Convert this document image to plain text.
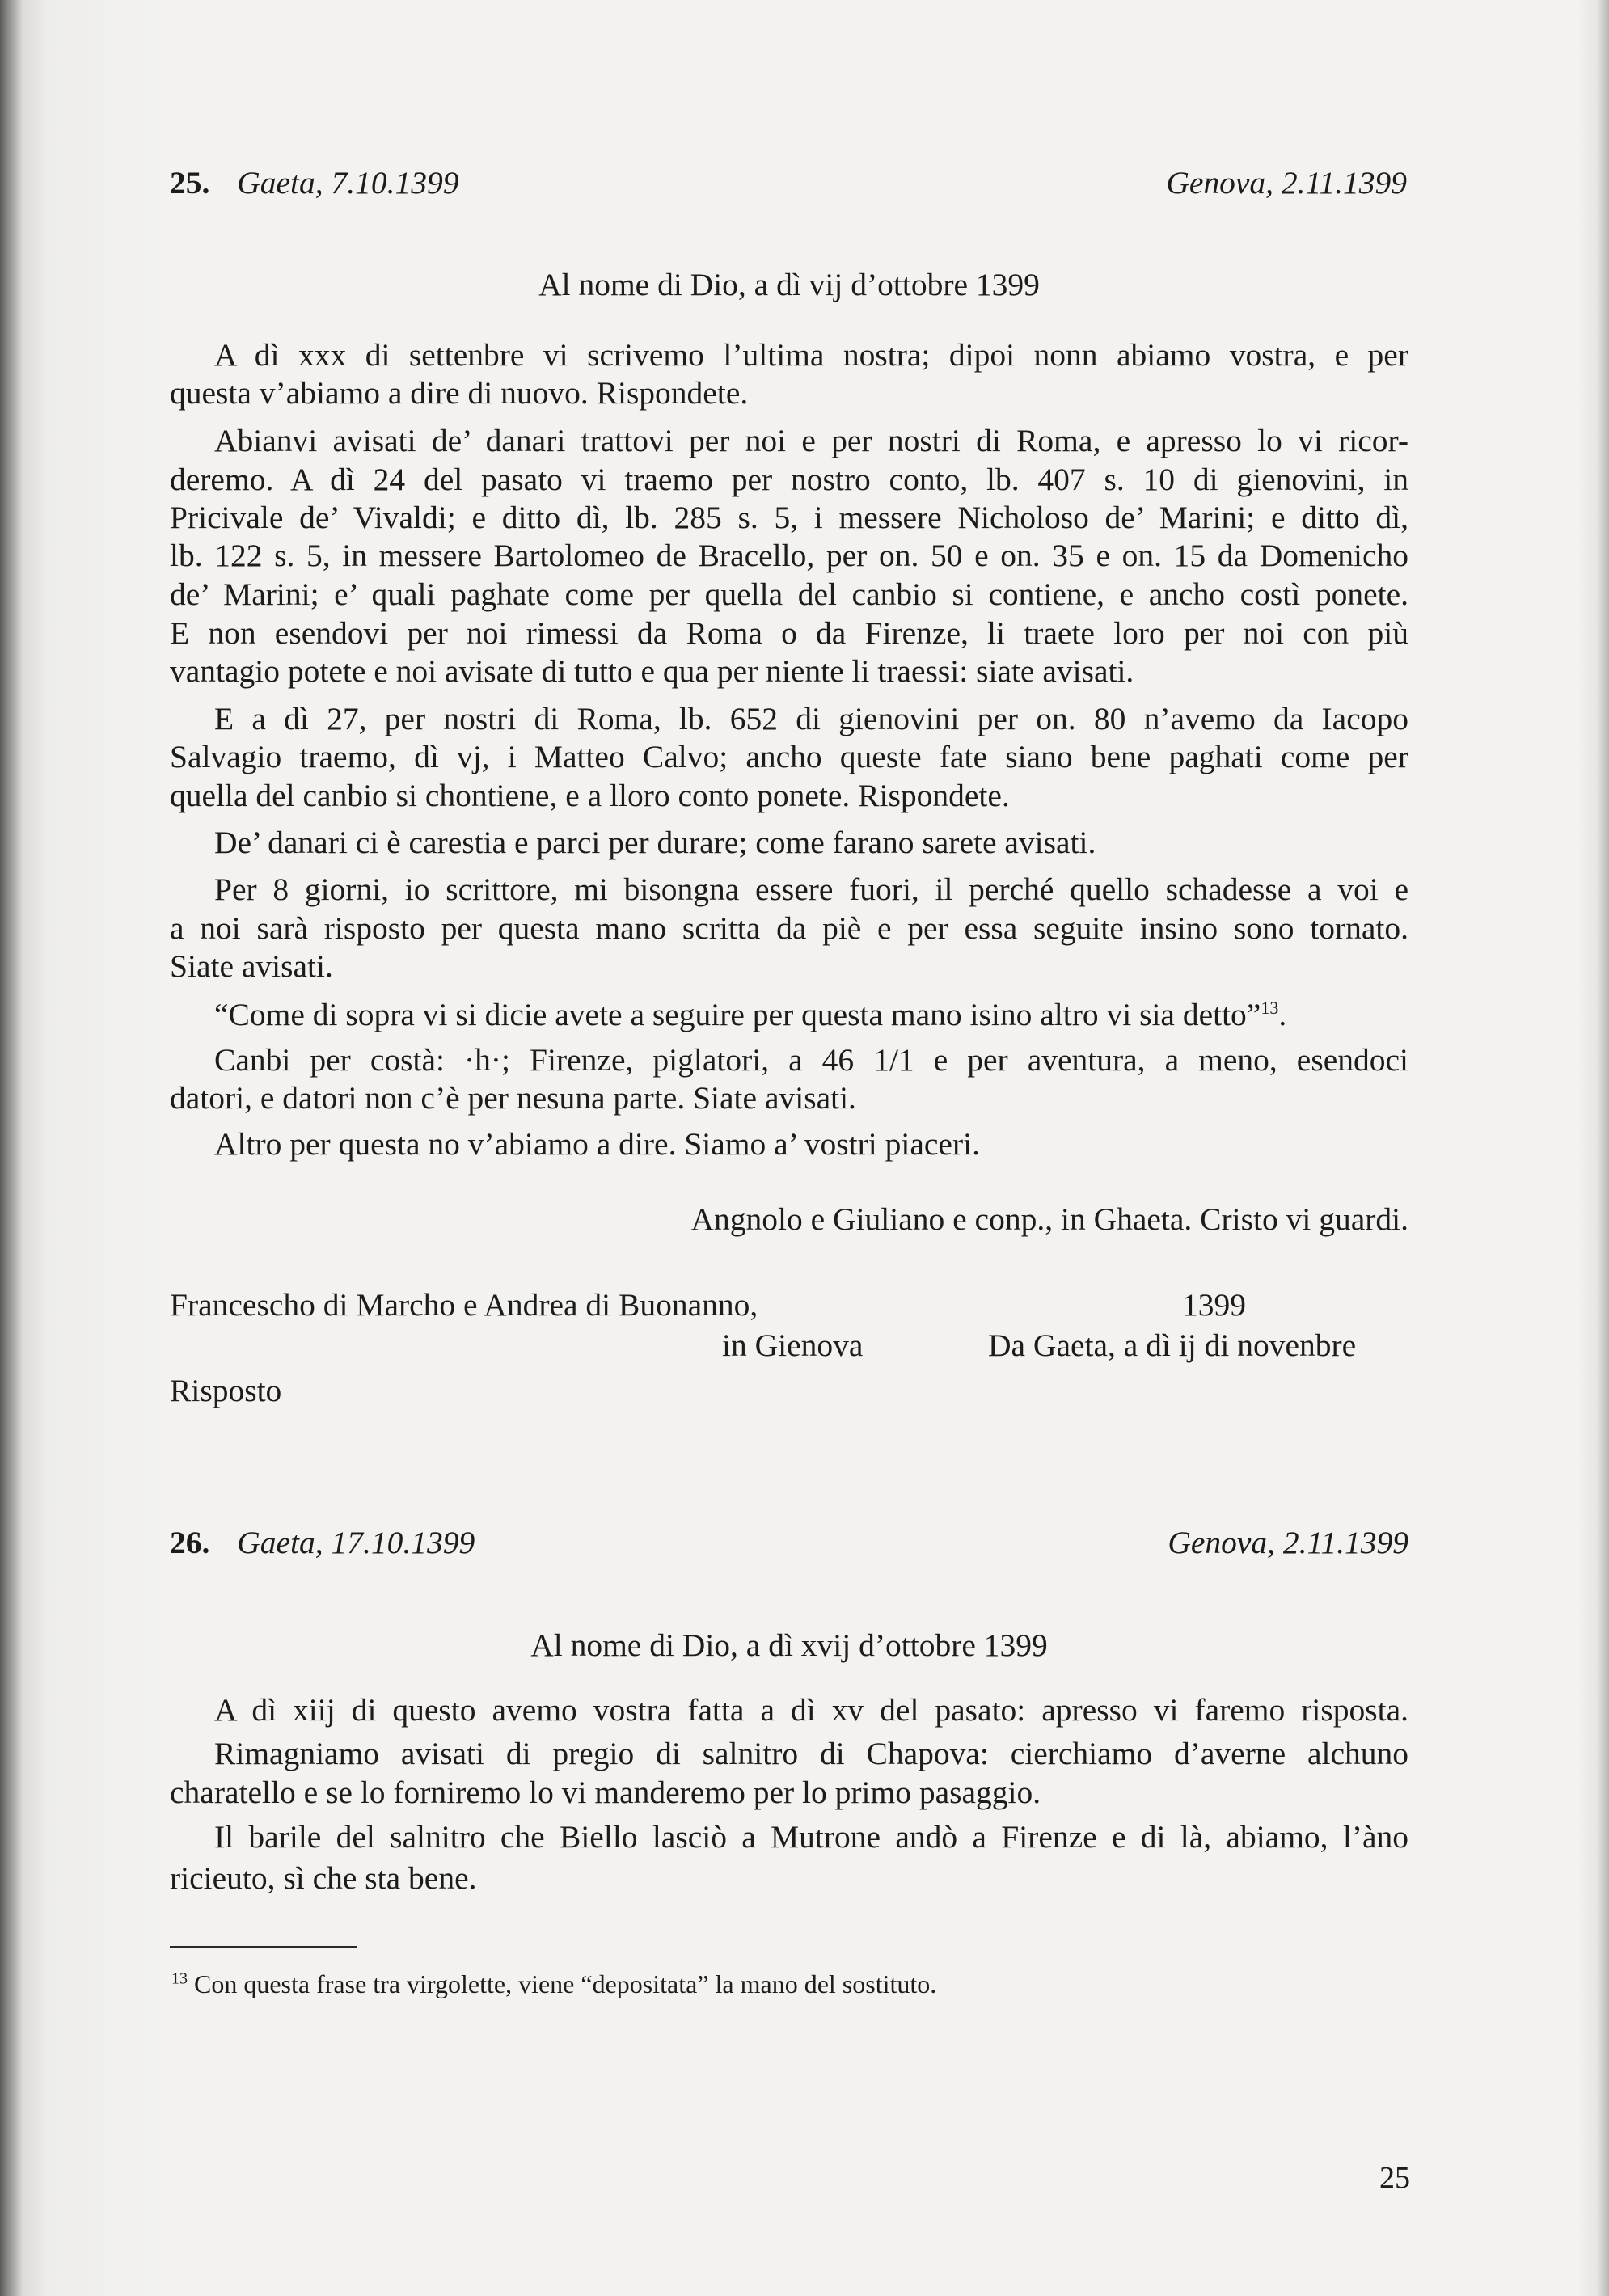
25. Gaeta, 7.10.1399	Genova, 2.11.1399
Al nome di Dio, a dì vij d’ottobre 1399
A dì xxx di settenbre vi scrivemo l’ultima nostra; dipoi nonn abiamo vostra, e per
questa v’abiamo a dire di nuovo. Rispondete.
Abianvi avisati de’ danari trattovi per noi e per nostri di Roma, e apresso lo vi ricor-
deremo. A dì 24 del pasato vi traemo per nostro conto, lb. 407 s. 10 di gienovini, in
Pricivale de’ Vivaldi; e ditto dì, lb. 285 s. 5, i messere Nicholoso de’ Marini; e ditto dì,
lb. 122 s. 5, in messere Bartolomeo de Bracello, per on. 50 e on. 35 e on. 15 da Domenicho
de’ Marini; e’ quali paghate come per quella del canbio si contiene, e ancho costì ponete.
E non esendovi per noi rimessi da Roma o da Firenze, li traete loro per noi con più
vantagio potete e noi avisate di tutto e qua per niente li traessi: siate avisati.
E a dì 27, per nostri di Roma, lb. 652 di gienovini per on. 80 n’avemo da Iacopo
Salvagio traemo, dì vj, i Matteo Calvo; ancho queste fate siano bene paghati come per
quella del canbio si chontiene, e a lloro conto ponete. Rispondete.
De’ danari ci è carestia e parci per durare; come farano sarete avisati.
Per 8 giorni, io scrittore, mi bisongna essere fuori, il perché quello schadesse a voi e
a noi sarà risposto per questa mano scritta da piè e per essa seguite insino sono tornato.
Siate avisati.
“Come di sopra vi si dicie avete a seguire per questa mano isino altro vi sia detto”$^{13}$.
Canbi per costà: ·h·; Firenze, piglatori, a 46 1/1 e per aventura, a meno, esendoci
datori, e datori non c’è per nesuna parte. Siate avisati.
Altro per questa no v’abiamo a dire. Siamo a’ vostri piaceri.
Angnolo e Giuliano e conp., in Ghaeta. Cristo vi guardi.
Francescho di Marcho e Andrea di Buonanno,	1399
in Gienova	Da Gaeta, a dì ij di novenbre
Risposto
26. Gaeta, 17.10.1399	Genova, 2.11.1399
Al nome di Dio, a dì xvij d’ottobre 1399
A dì xiij di questo avemo vostra fatta a dì xv del pasato: apresso vi faremo risposta.
Rimagniamo avisati di pregio di salnitro di Chapova: cierchiamo d’averne alchuno
charatello e se lo forniremo lo vi manderemo per lo primo pasaggio.
Il barile del salnitro che Biello lasciò a Mutrone andò a Firenze e di là, abiamo, l’àno
ricieuto, sì che sta bene.
$^{13}$ Con questa frase tra virgolette, viene “depositata” la mano del sostituto.
25
